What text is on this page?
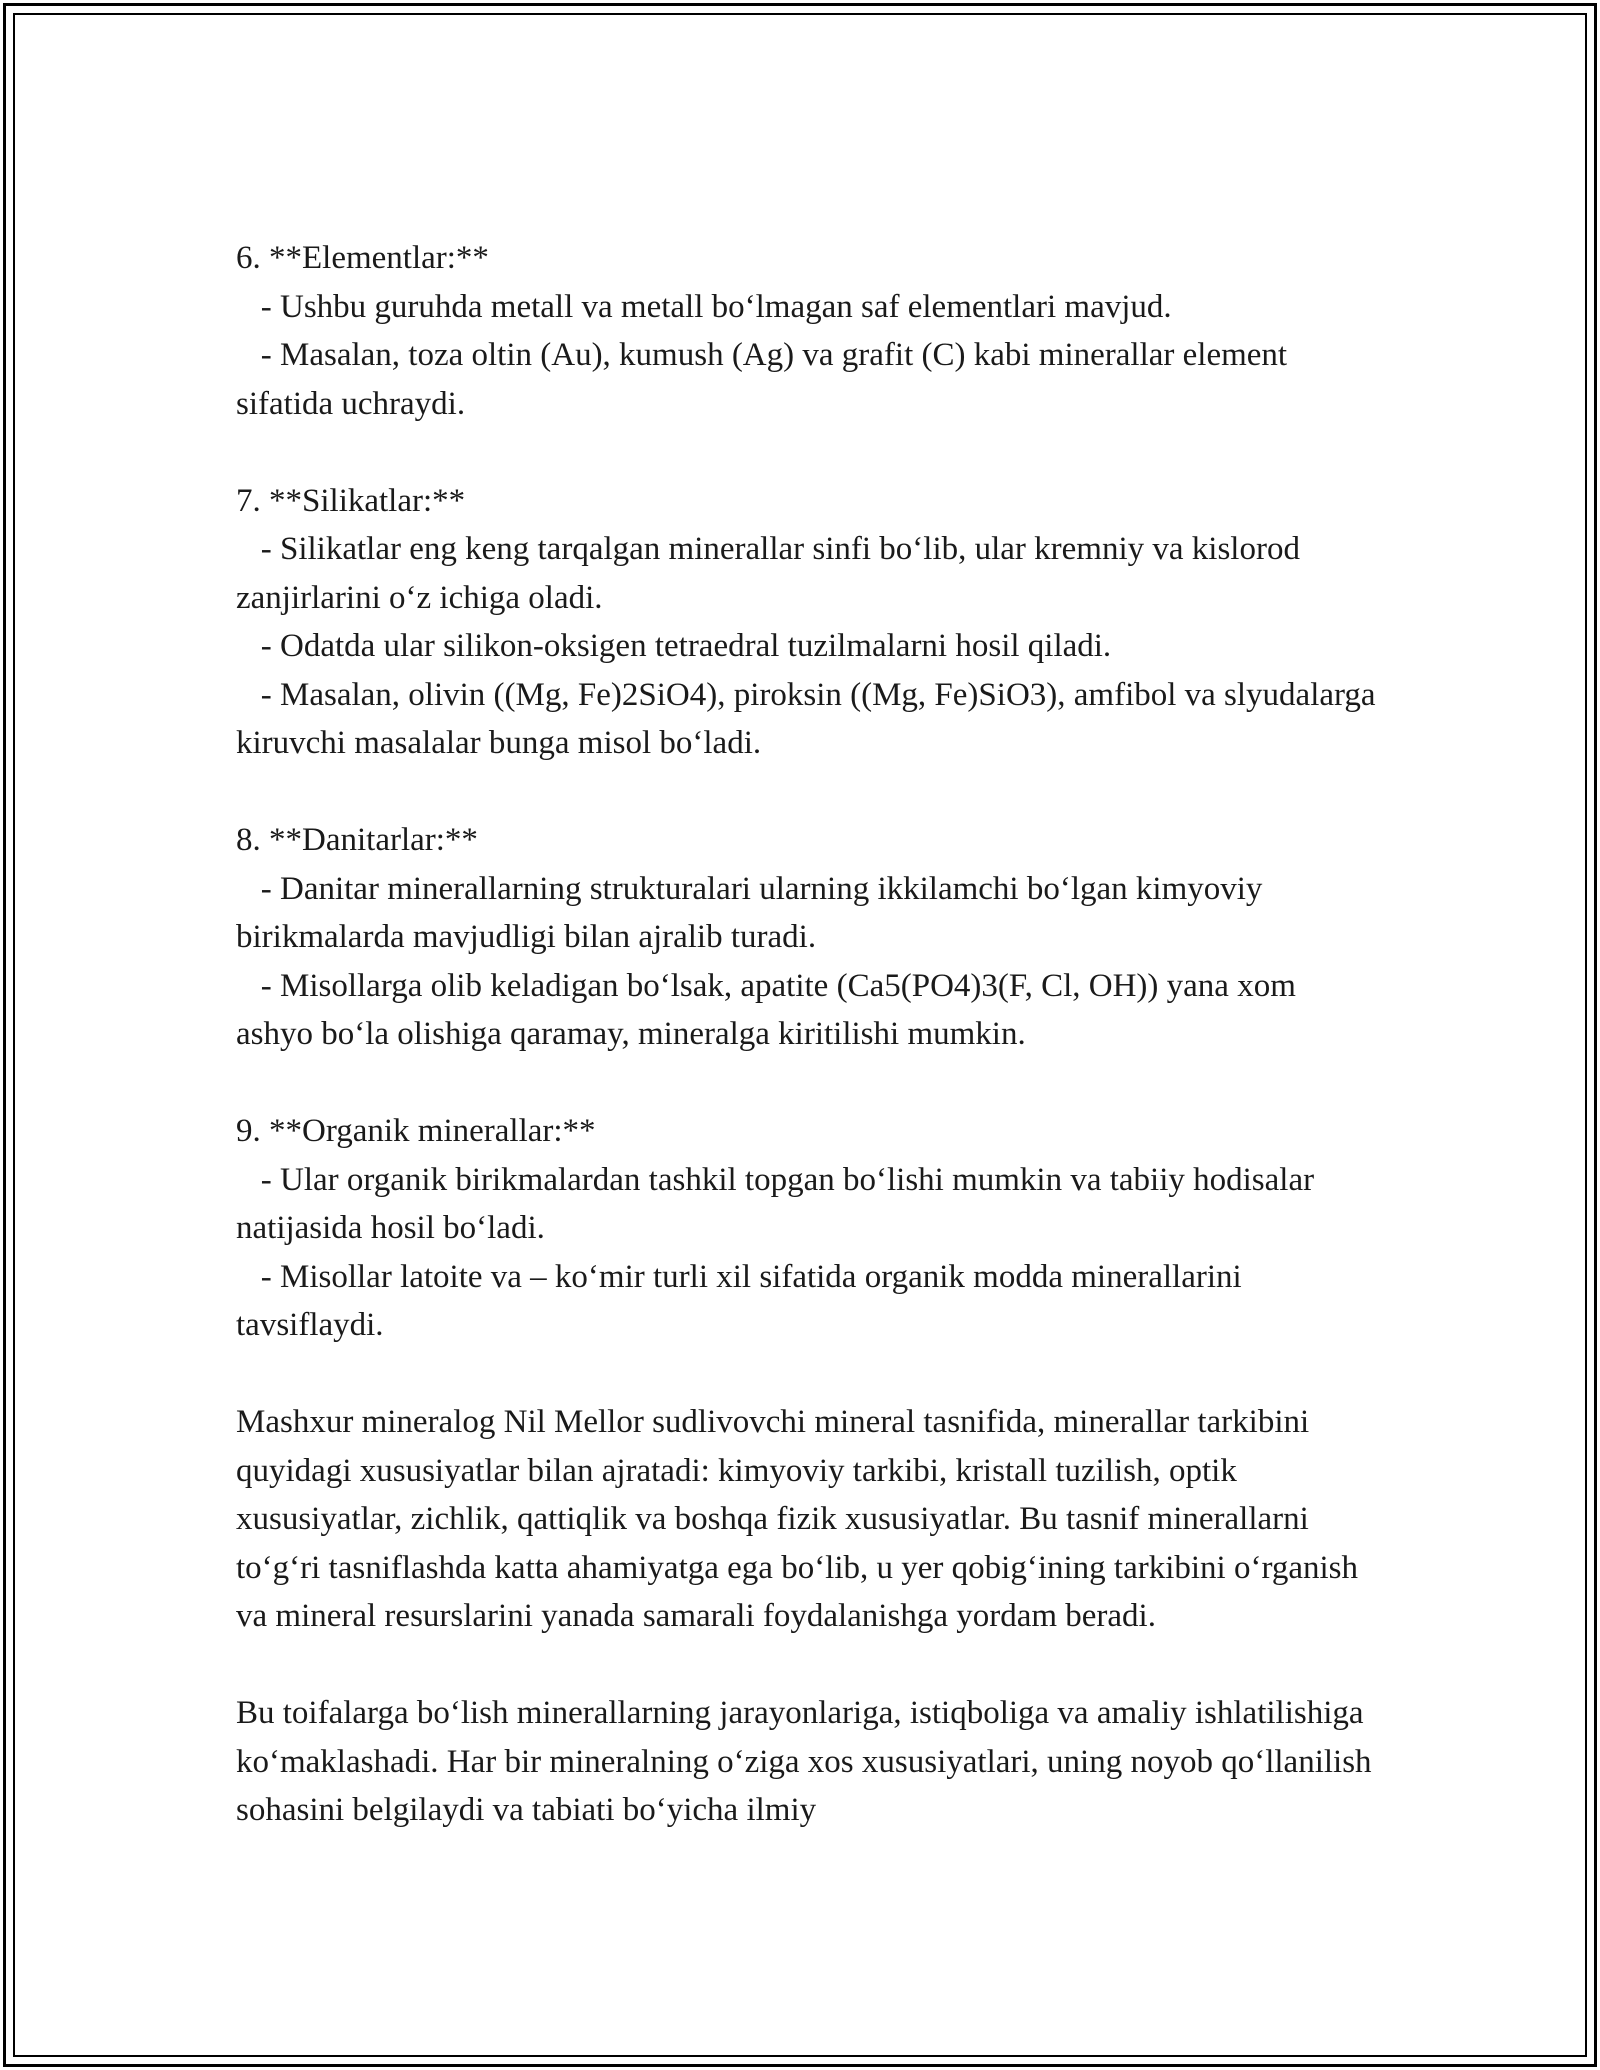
6. **Elementlar:**

- Ushbu guruhda metall va metall bo‘lmagan saf elementlari mavjud.

- Masalan, toza oltin (Au), kumush (Ag) va grafit (C) kabi minerallar element sifatida uchraydi.

7. **Silikatlar:**

- Silikatlar eng keng tarqalgan minerallar sinfi bo‘lib, ular kremniy va kislorod zanjirlarini o‘z ichiga oladi.

- Odatda ular silikon-oksigen tetraedral tuzilmalarni hosil qiladi.

- Masalan, olivin ((Mg, Fe)2SiO4), piroksin ((Mg, Fe)SiO3), amfibol va slyudalarga kiruvchi masalalar bunga misol bo‘ladi.

8. **Danitarlar:**

- Danitar minerallarning strukturalari ularning ikkilamchi bo‘lgan kimyoviy birikmalarda mavjudligi bilan ajralib turadi.

- Misollarga olib keladigan bo‘lsak, apatite (Ca5(PO4)3(F, Cl, OH)) yana xom ashyo bo‘la olishiga qaramay, mineralga kiritilishi mumkin.

9. **Organik minerallar:**

- Ular organik birikmalardan tashkil topgan bo‘lishi mumkin va tabiiy hodisalar natijasida hosil bo‘ladi.

- Misollar latoite va – ko‘mir turli xil sifatida organik modda minerallarini tavsiflaydi.

Mashxur mineralog Nil Mellor sudlivovchi mineral tasnifida, minerallar tarkibini quyidagi xususiyatlar bilan ajratadi: kimyoviy tarkibi, kristall tuzilish, optik xususiyatlar, zichlik, qattiqlik va boshqa fizik xususiyatlar. Bu tasnif minerallarni to‘g‘ri tasniflashda katta ahamiyatga ega bo‘lib, u yer qobig‘ining tarkibini o‘rganish va mineral resurslarini yanada samarali foydalanishga yordam beradi.

Bu toifalarga bo‘lish minerallarning jarayonlariga, istiqboliga va amaliy ishlatilishiga ko‘maklashadi. Har bir mineralning o‘ziga xos xususiyatlari, uning noyob qo‘llanilish sohasini belgilaydi va tabiati bo‘yicha ilmiy
